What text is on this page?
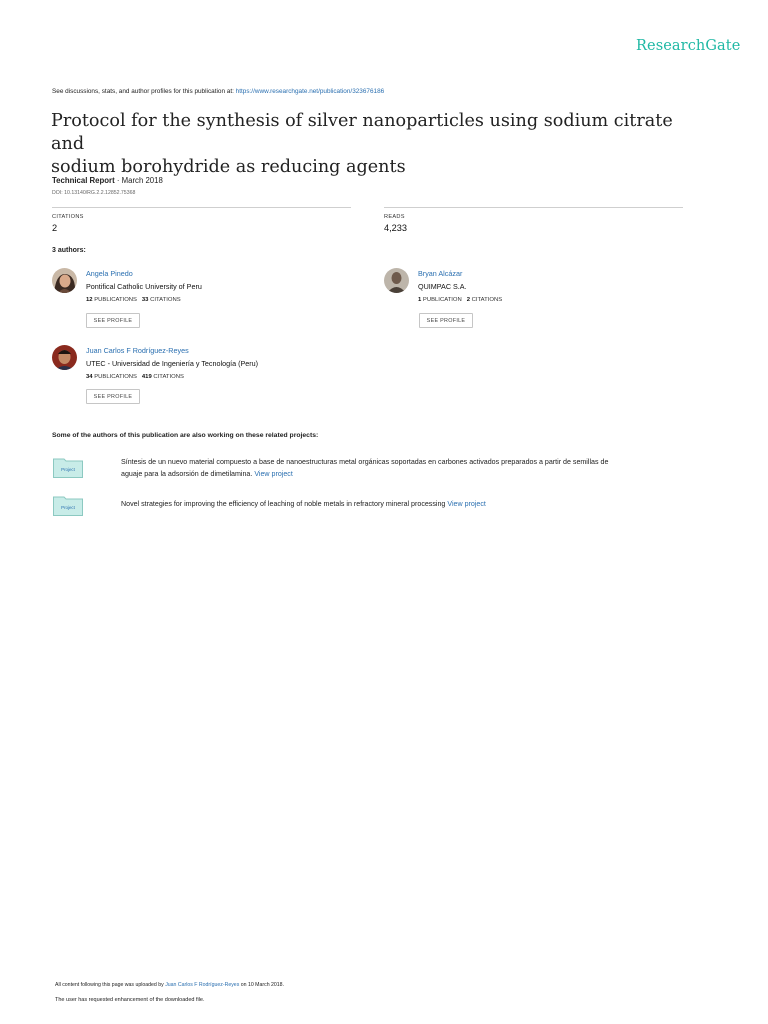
ResearchGate
See discussions, stats, and author profiles for this publication at: https://www.researchgate.net/publication/323676186
Protocol for the synthesis of silver nanoparticles using sodium citrate and
sodium borohydride as reducing agents
Technical Report · March 2018
DOI: 10.13140/RG.2.2.12852.75368
CITATIONS
2
READS
4,233
3 authors:
Angela Pinedo
Pontifical Catholic University of Peru
12 PUBLICATIONS 33 CITATIONS
SEE PROFILE
Bryan Alcázar
QUIMPAC S.A.
1 PUBLICATION 2 CITATIONS
SEE PROFILE
Juan Carlos F Rodríguez-Reyes
UTEC - Universidad de Ingeniería y Tecnología (Peru)
34 PUBLICATIONS 419 CITATIONS
SEE PROFILE
Some of the authors of this publication are also working on these related projects:
Project
Síntesis de un nuevo material compuesto a base de nanoestructuras metal orgánicas soportadas en carbones activados preparados a partir de semillas de
aguaje para la adsorsión de dimetilamina. View project
Project	Novel strategies for improving the efficiency of leaching of noble metals in refractory mineral processing View project
All content following this page was uploaded by Juan Carlos F Rodríguez-Reyes on 10 March 2018.
The user has requested enhancement of the downloaded file.
